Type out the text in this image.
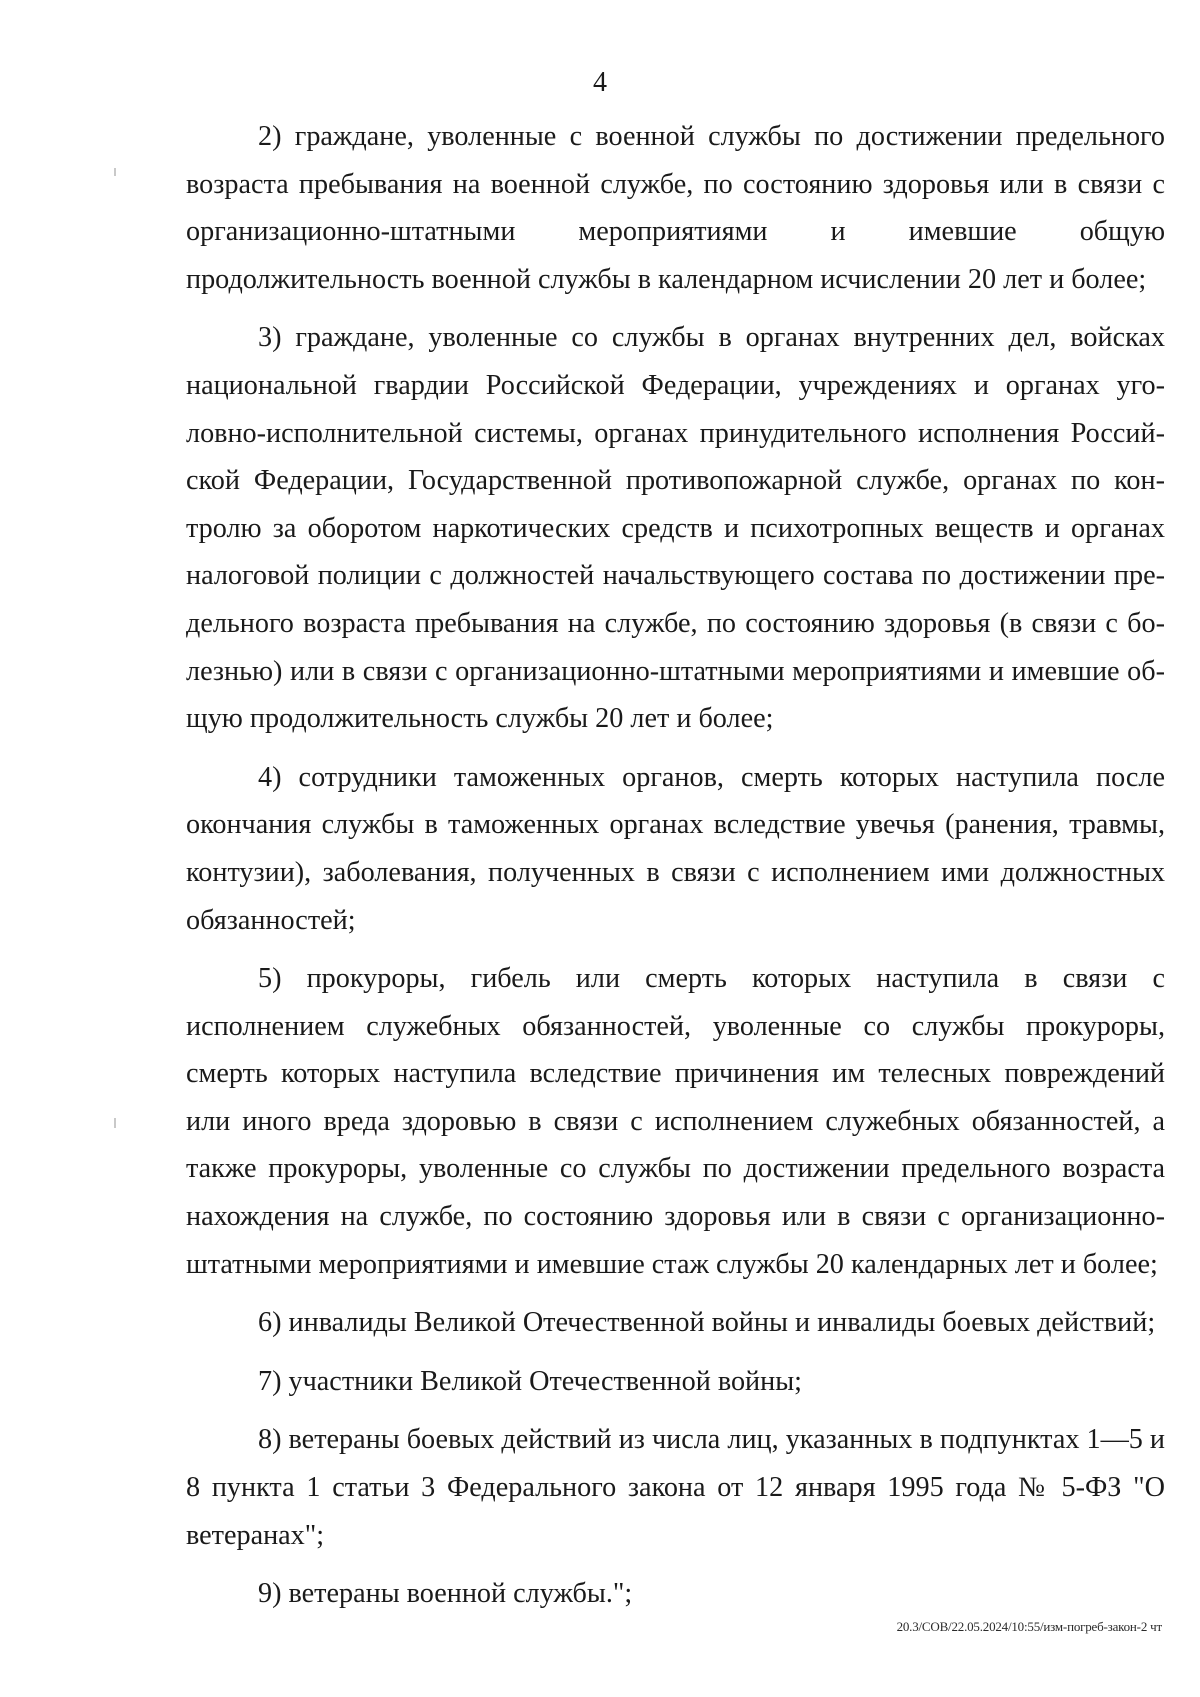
4

2) граждане, уволенные с военной службы по достижении предельного возраста пребывания на военной службе, по состоянию здоровья или в связи с организационно-штатными мероприятиями и имевшие общую продолжительность военной службы в календарном исчислении 20 лет и более;

3) граждане, уволенные со службы в органах внутренних дел, войсках национальной гвардии Российской Федерации, учреждениях и органах уголовно-исполнительной системы, органах принудительного исполнения Российской Федерации, Государственной противопожарной службе, органах по контролю за оборотом наркотических средств и психотропных веществ и органах налоговой полиции с должностей начальствующего состава по достижении предельного возраста пребывания на службе, по состоянию здоровья (в связи с болезнью) или в связи с организационно-штатными мероприятиями и имевшие общую продолжительность службы 20 лет и более;

4) сотрудники таможенных органов, смерть которых наступила после окончания службы в таможенных органах вследствие увечья (ранения, травмы, контузии), заболевания, полученных в связи с исполнением ими должностных обязанностей;

5) прокуроры, гибель или смерть которых наступила в связи с исполнением служебных обязанностей, уволенные со службы прокуроры, смерть которых наступила вследствие причинения им телесных повреждений или иного вреда здоровью в связи с исполнением служебных обязанностей, а также прокуроры, уволенные со службы по достижении предельного возраста нахождения на службе, по состоянию здоровья или в связи с организационно-штатными мероприятиями и имевшие стаж службы 20 календарных лет и более;

6) инвалиды Великой Отечественной войны и инвалиды боевых действий;

7) участники Великой Отечественной войны;

8) ветераны боевых действий из числа лиц, указанных в подпунктах 1—5 и 8 пункта 1 статьи 3 Федерального закона от 12 января 1995 года № 5-ФЗ "О ветеранах";

9) ветераны военной службы.";

20.3/СОВ/22.05.2024/10:55/изм-погреб-закон-2 чт
